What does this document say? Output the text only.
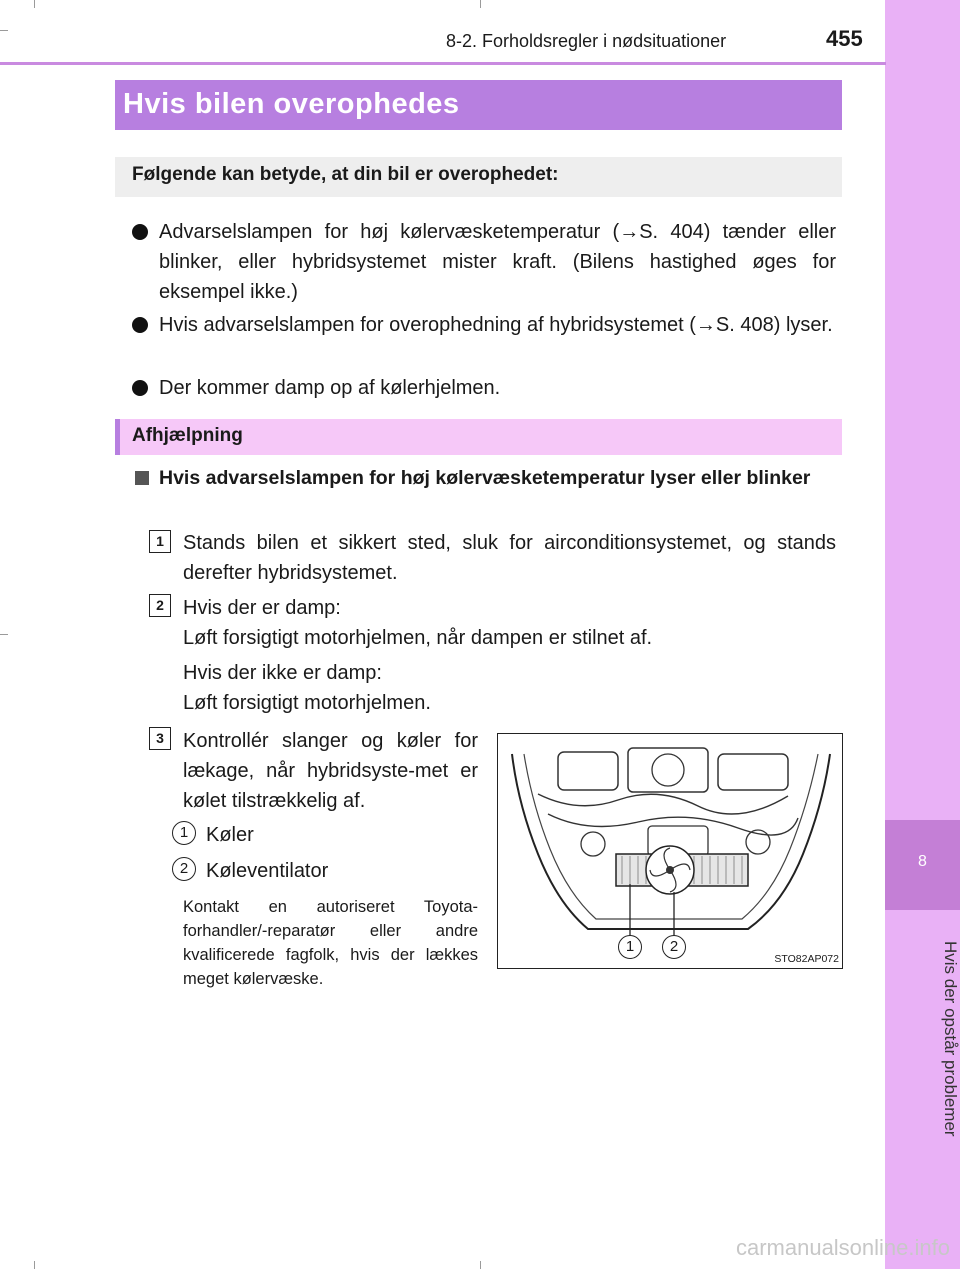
8
Hvis der opstår problemer
8-2. Forholdsregler i nødsituationer	455
Hvis bilen overophedes
Følgende kan betyde, at din bil er overophedet:
Advarselslampen for høj kølervæsketemperatur (→S. 404) tænder eller blinker, eller hybridsystemet mister kraft. (Bilens hastighed øges for eksempel ikke.)
Hvis advarselslampen for overophedning af hybridsystemet (→S. 408) lyser.
Der kommer damp op af kølerhjelmen.
Afhjælpning
Hvis advarselslampen for høj kølervæsketemperatur lyser eller blinker
1 Stands bilen et sikkert sted, sluk for airconditionsystemet, og stands derefter hybridsystemet.
2 Hvis der er damp:
Løft forsigtigt motorhjelmen, når dampen er stilnet af.
Hvis der ikke er damp:
Løft forsigtigt motorhjelmen.
3 Kontrollér slanger og køler for lækage, når hybridsyste-met er kølet tilstrækkelig af.
1 Køler
2 Køleventilator
Kontakt en autoriseret Toyota-forhandler/-reparatør eller andre kvalificerede fagfolk, hvis der lækkes meget kølervæske.
1	2
STO82AP072
carmanualsonline.info
